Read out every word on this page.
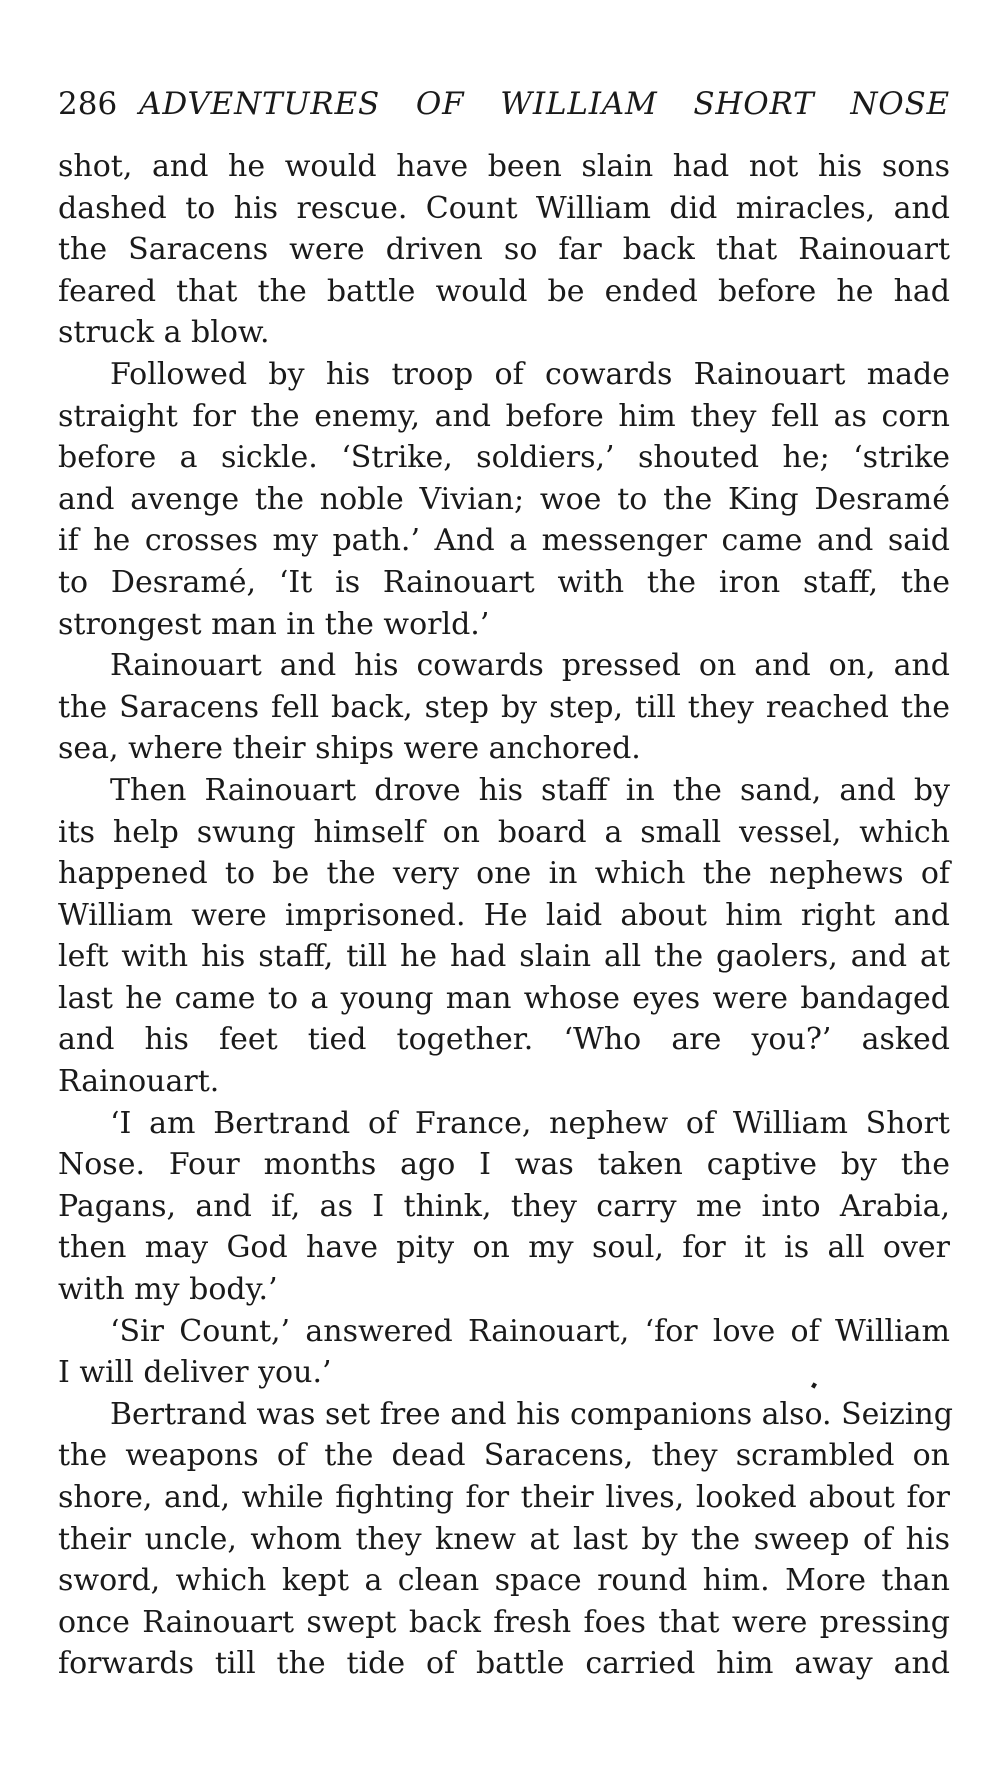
286 ADVENTURES OF WILLIAM SHORT NOSE
shot, and he would have been slain had not his sons
dashed to his rescue. Count William did miracles, and
the Saracens were driven so far back that Rainouart
feared that the battle would be ended before he had
struck a blow.
Followed by his troop of cowards Rainouart made
straight for the enemy, and before him they fell as corn
before a sickle. ‘Strike, soldiers,’ shouted he; ‘strike
and avenge the noble Vivian; woe to the King Desramé
if he crosses my path.’ And a messenger came and said
to Desramé, ‘It is Rainouart with the iron staff, the
strongest man in the world.’
Rainouart and his cowards pressed on and on, and
the Saracens fell back, step by step, till they reached the
sea, where their ships were anchored.
Then Rainouart drove his staff in the sand, and by
its help swung himself on board a small vessel, which
happened to be the very one in which the nephews of
William were imprisoned. He laid about him right and
left with his staff, till he had slain all the gaolers, and at
last he came to a young man whose eyes were bandaged
and his feet tied together. ‘Who are you?’ asked
Rainouart.
‘I am Bertrand of France, nephew of William Short
Nose. Four months ago I was taken captive by the
Pagans, and if, as I think, they carry me into Arabia,
then may God have pity on my soul, for it is all over
with my body.’
‘Sir Count,’ answered Rainouart, ‘for love of William
I will deliver you.’
Bertrand was set free and his companions also. Seizing
the weapons of the dead Saracens, they scrambled on
shore, and, while fighting for their lives, looked about for
their uncle, whom they knew at last by the sweep of his
sword, which kept a clean space round him. More than
once Rainouart swept back fresh foes that were pressing
forwards till the tide of battle carried him away and
